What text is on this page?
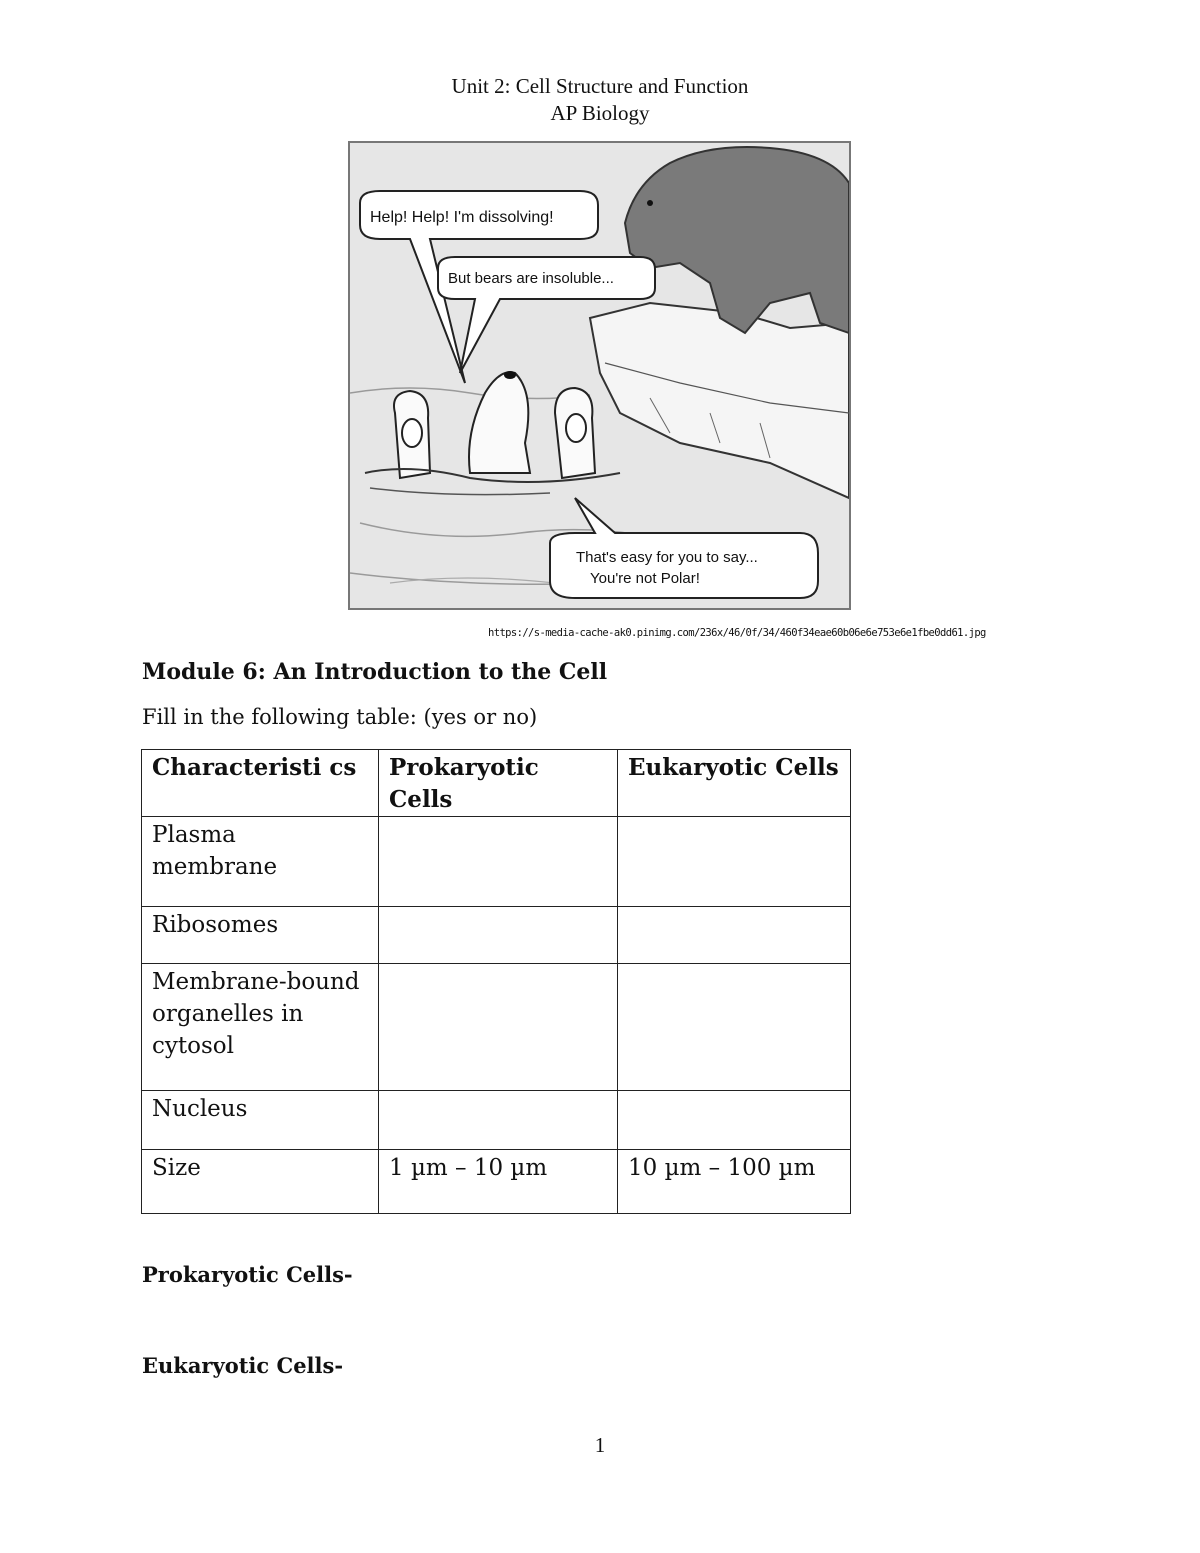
Unit 2: Cell Structure and Function
AP Biology
Help! Help! I'm dissolving!
But bears are insoluble...
That's easy for you to say...
You're not Polar!
https://s-media-cache-ak0.pinimg.com/236x/46/0f/34/460f34eae60b06e6e753e6e1fbe0dd61.jpg
Module 6: An Introduction to the Cell
Fill in the following table: (yes or no)
Characteristi cs	Prokaryotic Cells	Eukaryotic Cells
Plasma membrane		
Ribosomes		
Membrane-bound organelles in cytosol		
Nucleus		
Size	1 µm – 10 µm	10 µm – 100 µm
Prokaryotic Cells-
Eukaryotic Cells-
1
